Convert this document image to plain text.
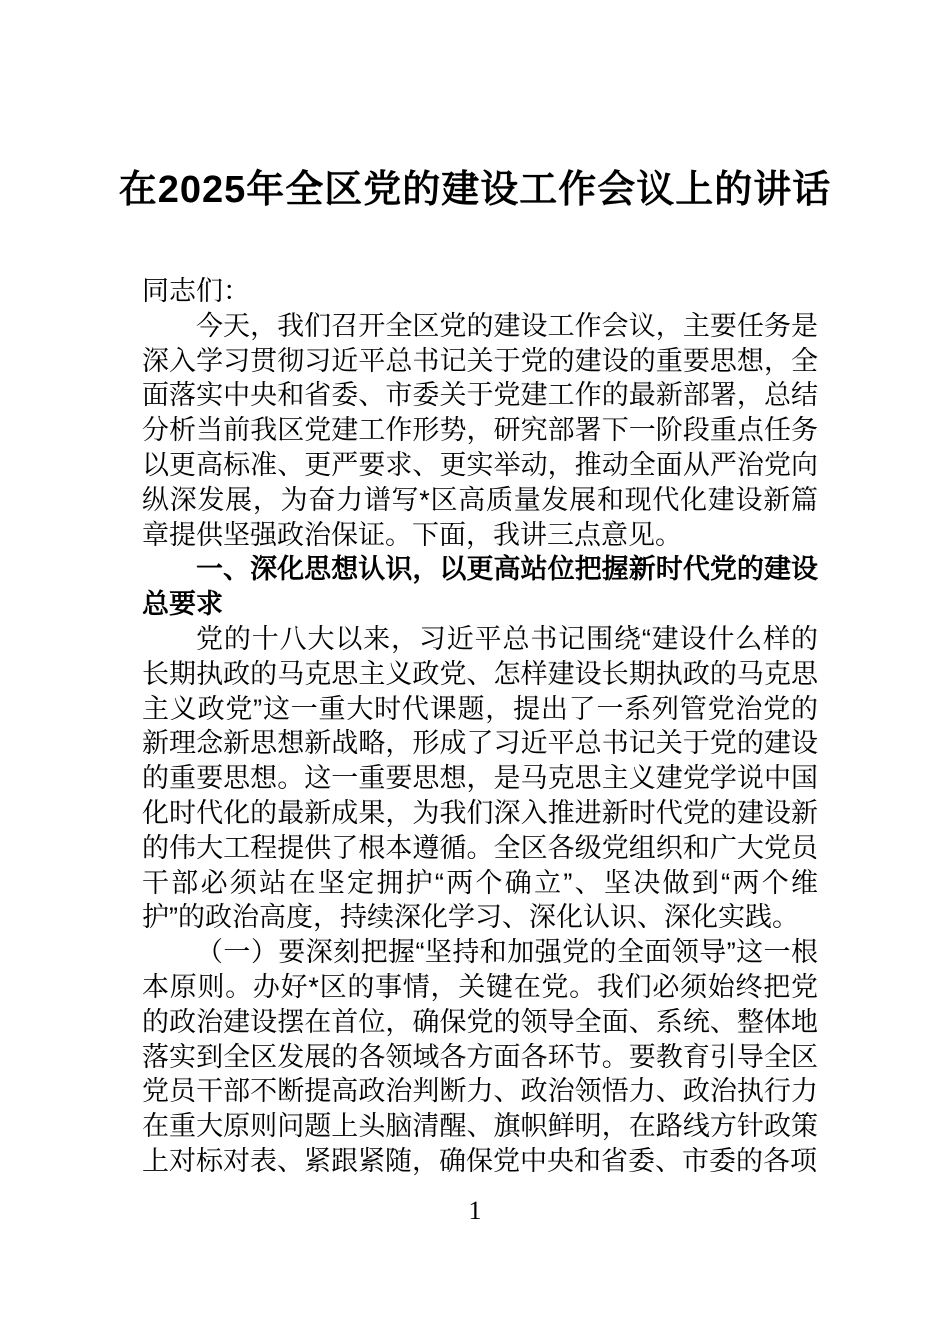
在2025年全区党的建设工作会议上的讲话

同志们：

今天，我们召开全区党的建设工作会议，主要任务是深入学习贯彻习近平总书记关于党的建设的重要思想，全面落实中央和省委、市委关于党建工作的最新部署，总结分析当前我区党建工作形势，研究部署下一阶段重点任务以更高标准、更严要求、更实举动，推动全面从严治党向纵深发展，为奋力谱写*区高质量发展和现代化建设新篇章提供坚强政治保证。下面，我讲三点意见。

一、深化思想认识，以更高站位把握新时代党的建设总要求

党的十八大以来，习近平总书记围绕“建设什么样的长期执政的马克思主义政党、怎样建设长期执政的马克思主义政党”这一重大时代课题，提出了一系列管党治党的新理念新思想新战略，形成了习近平总书记关于党的建设的重要思想。这一重要思想，是马克思主义建党学说中国化时代化的最新成果，为我们深入推进新时代党的建设新的伟大工程提供了根本遵循。全区各级党组织和广大党员干部必须站在坚定拥护“两个确立”、坚决做到“两个维护”的政治高度，持续深化学习、深化认识、深化实践。

（一）要深刻把握“坚持和加强党的全面领导”这一根本原则。办好*区的事情，关键在党。我们必须始终把党的政治建设摆在首位，确保党的领导全面、系统、整体地落实到全区发展的各领域各方面各环节。要教育引导全区党员干部不断提高政治判断力、政治领悟力、政治执行力在重大原则问题上头脑清醒、旗帜鲜明，在路线方针政策上对标对表、紧跟紧随，确保党中央和省委、市委的各项

1
